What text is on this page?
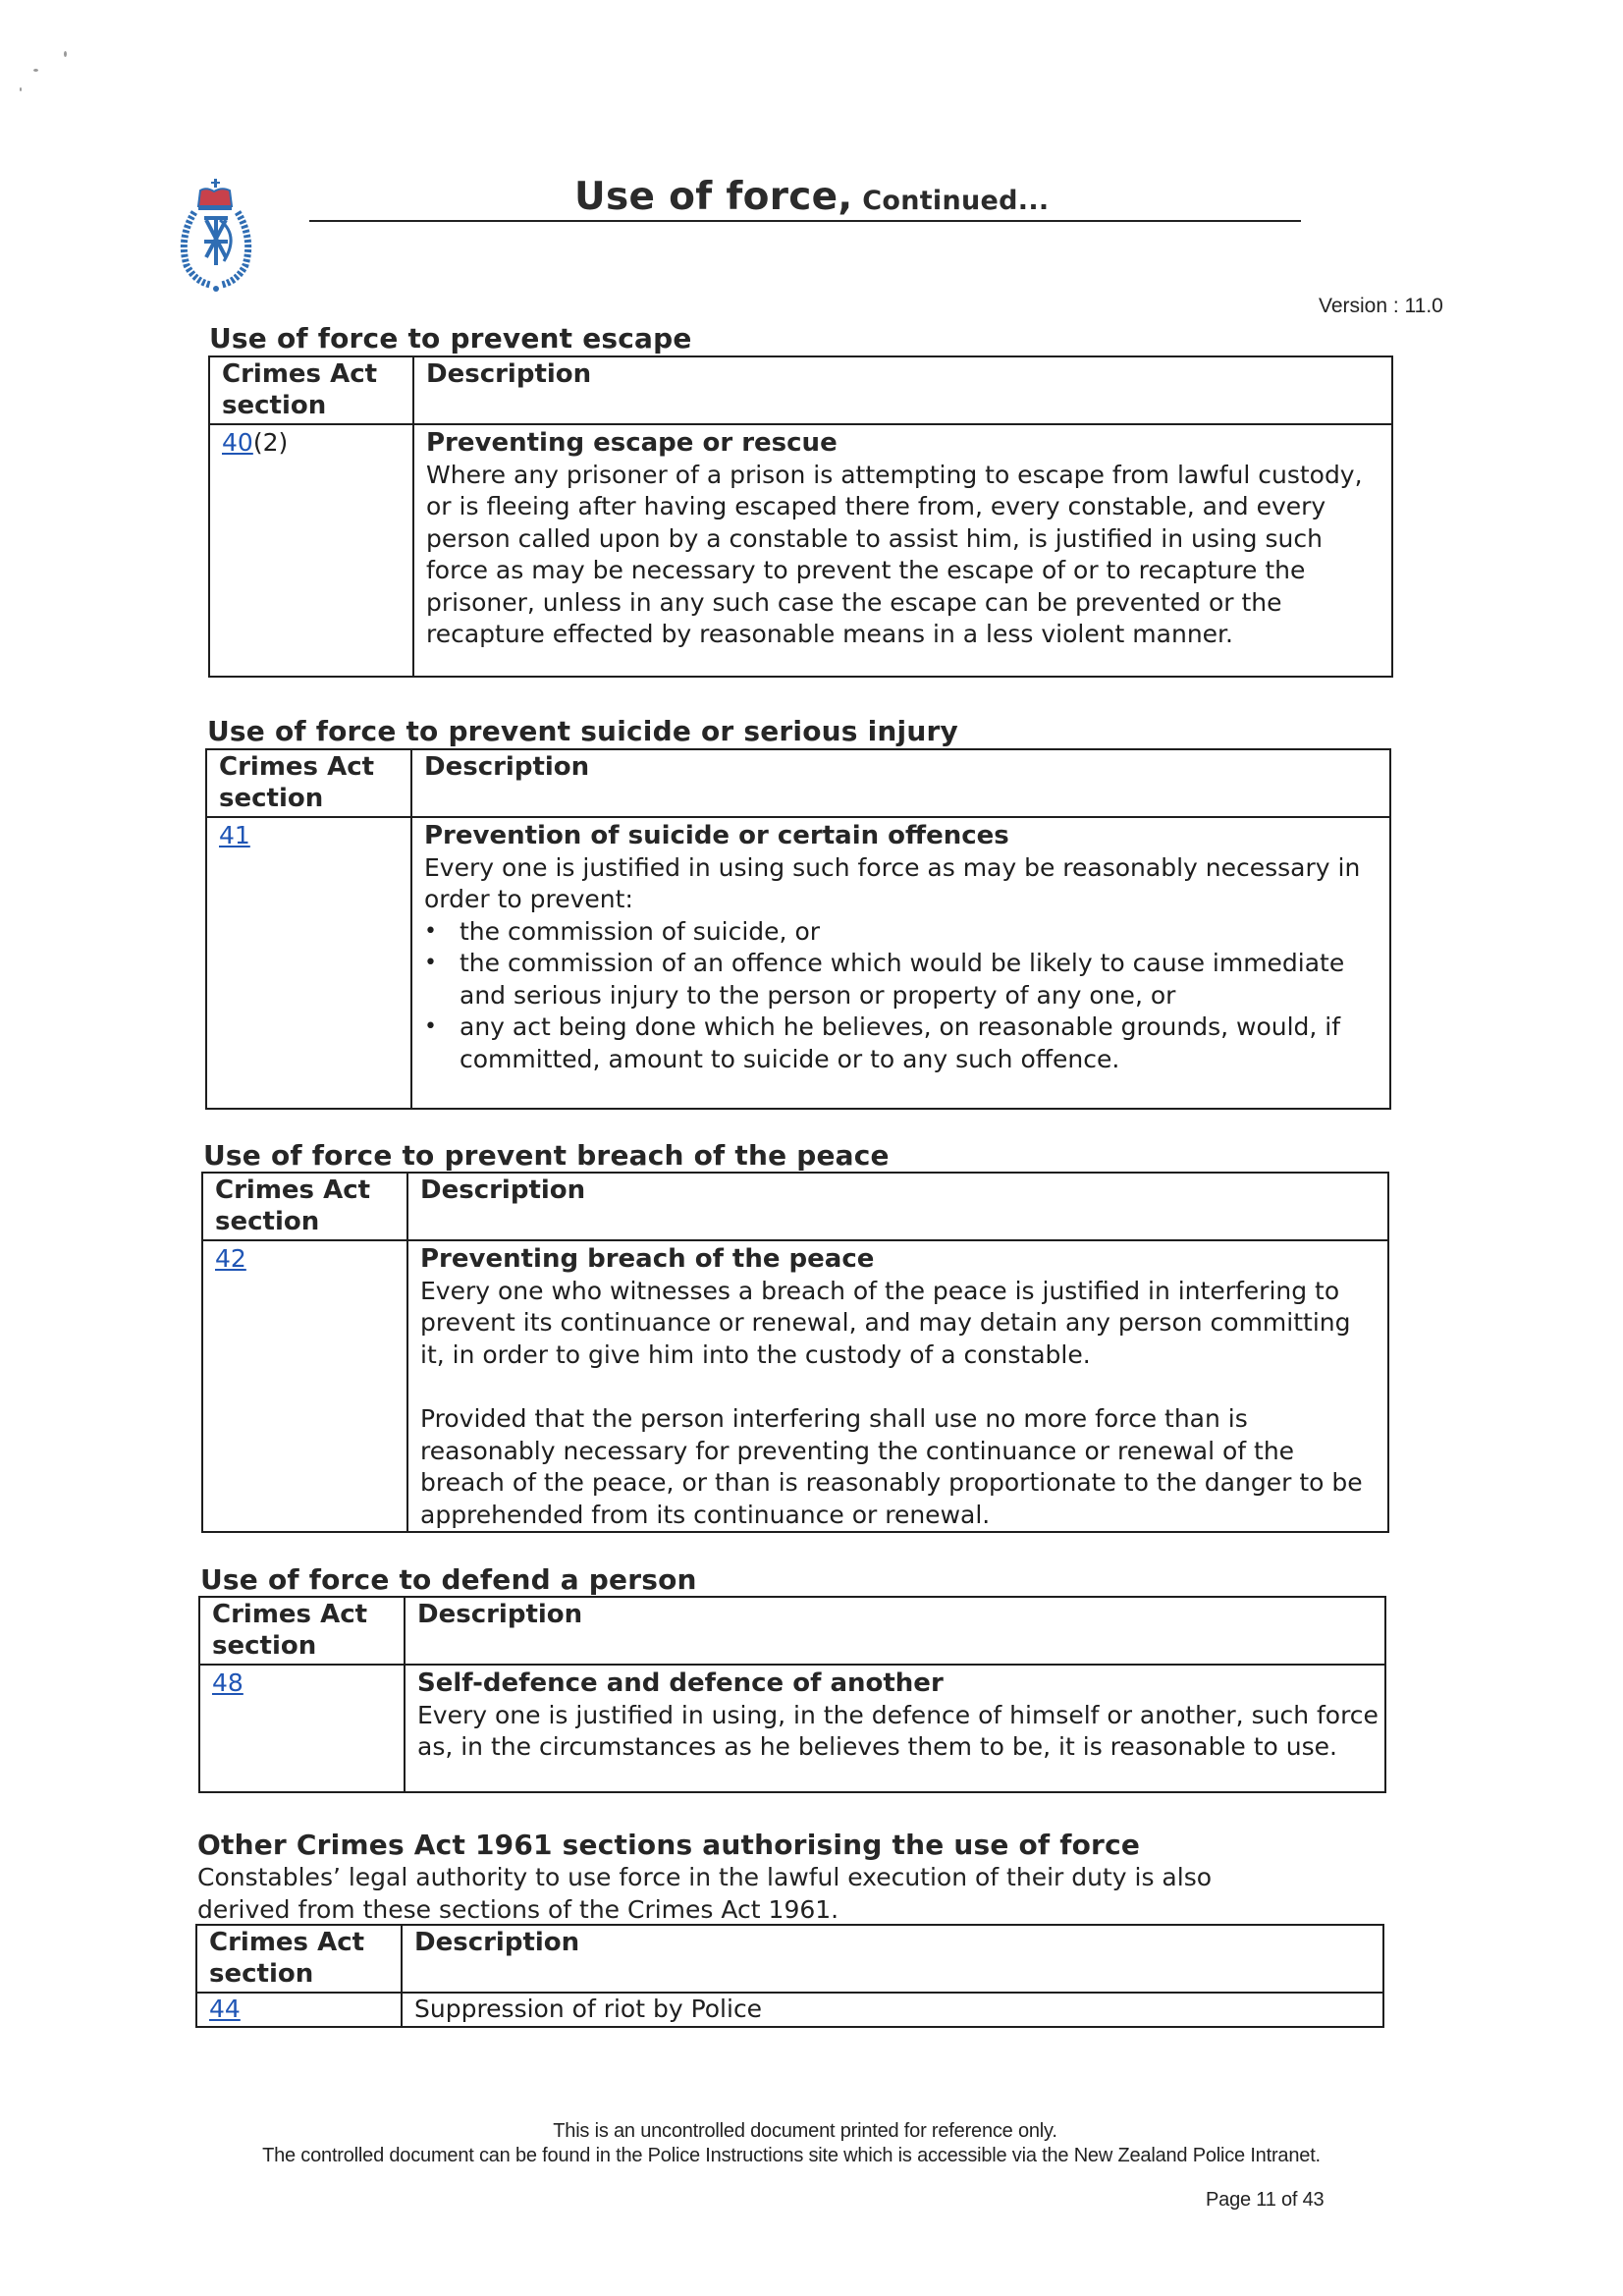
Use of force, Continued...
Version : 11.0
Use of force to prevent escape
Crimes Act section	Description
40(2)	Preventing escape or rescue
Where any prisoner of a prison is attempting to escape from lawful custody, or is fleeing after having escaped there from, every constable, and every person called upon by a constable to assist him, is justified in using such force as may be necessary to prevent the escape of or to recapture the prisoner, unless in any such case the escape can be prevented or the recapture effected by reasonable means in a less violent manner.
Use of force to prevent suicide or serious injury
Crimes Act section	Description
41	Prevention of suicide or certain offences
Every one is justified in using such force as may be reasonably necessary in order to prevent:
• the commission of suicide, or
• the commission of an offence which would be likely to cause immediate and serious injury to the person or property of any one, or
• any act being done which he believes, on reasonable grounds, would, if committed, amount to suicide or to any such offence.
Use of force to prevent breach of the peace
Crimes Act section	Description
42	Preventing breach of the peace
Every one who witnesses a breach of the peace is justified in interfering to prevent its continuance or renewal, and may detain any person committing it, in order to give him into the custody of a constable.
Provided that the person interfering shall use no more force than is reasonably necessary for preventing the continuance or renewal of the breach of the peace, or than is reasonably proportionate to the danger to be apprehended from its continuance or renewal.
Use of force to defend a person
Crimes Act section	Description
48	Self-defence and defence of another
Every one is justified in using, in the defence of himself or another, such force as, in the circumstances as he believes them to be, it is reasonable to use.
Other Crimes Act 1961 sections authorising the use of force
Constables’ legal authority to use force in the lawful execution of their duty is also
derived from these sections of the Crimes Act 1961.
Crimes Act section	Description
44	Suppression of riot by Police
This is an uncontrolled document printed for reference only.
The controlled document can be found in the Police Instructions site which is accessible via the New Zealand Police Intranet.
Page 11 of 43
